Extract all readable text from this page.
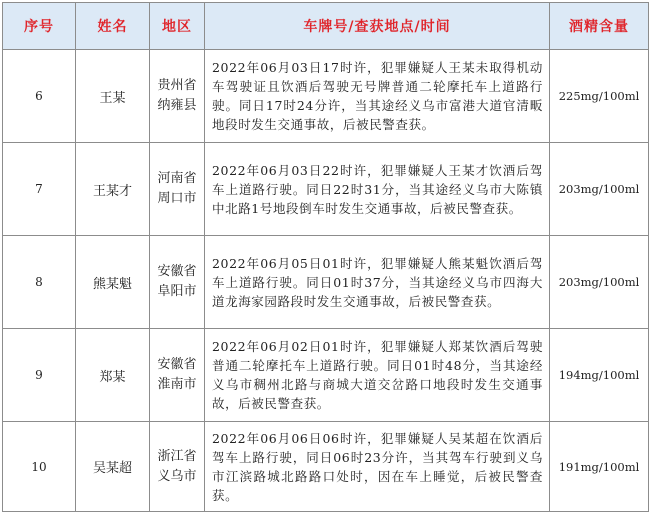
序号	姓名	地区	车牌号/查获地点/时间	酒精含量
6	王某	贵州省纳雍县	2022年06月03日17时许，犯罪嫌疑人王某未取得机动车驾驶证且饮酒后驾驶无号牌普通二轮摩托车上道路行驶。同日17时24分许，当其途经义乌市富港大道官清畈地段时发生交通事故，后被民警查获。	225mg/100ml
7	王某才	河南省周口市	2022年06月03日22时许，犯罪嫌疑人王某才饮酒后驾车上道路行驶。同日22时31分，当其途经义乌市大陈镇中北路1号地段倒车时发生交通事故，后被民警查获。	203mg/100ml
8	熊某魁	安徽省阜阳市	2022年06月05日01时许，犯罪嫌疑人熊某魁饮酒后驾车上道路行驶。同日01时37分，当其途经义乌市四海大道龙海家园路段时发生交通事故，后被民警查获。	203mg/100ml
9	郑某	安徽省淮南市	2022年06月02日01时许，犯罪嫌疑人郑某饮酒后驾驶普通二轮摩托车上道路行驶。同日01时48分，当其途经义乌市稠州北路与商城大道交岔路口地段时发生交通事故，后被民警查获。	194mg/100ml
10	吴某超	浙江省义乌市	2022年06月06日06时许，犯罪嫌疑人吴某超在饮酒后驾车上路行驶，同日06时23分许，当其驾车行驶到义乌市江滨路城北路路口处时，因在车上睡觉，后被民警查获。	191mg/100ml
